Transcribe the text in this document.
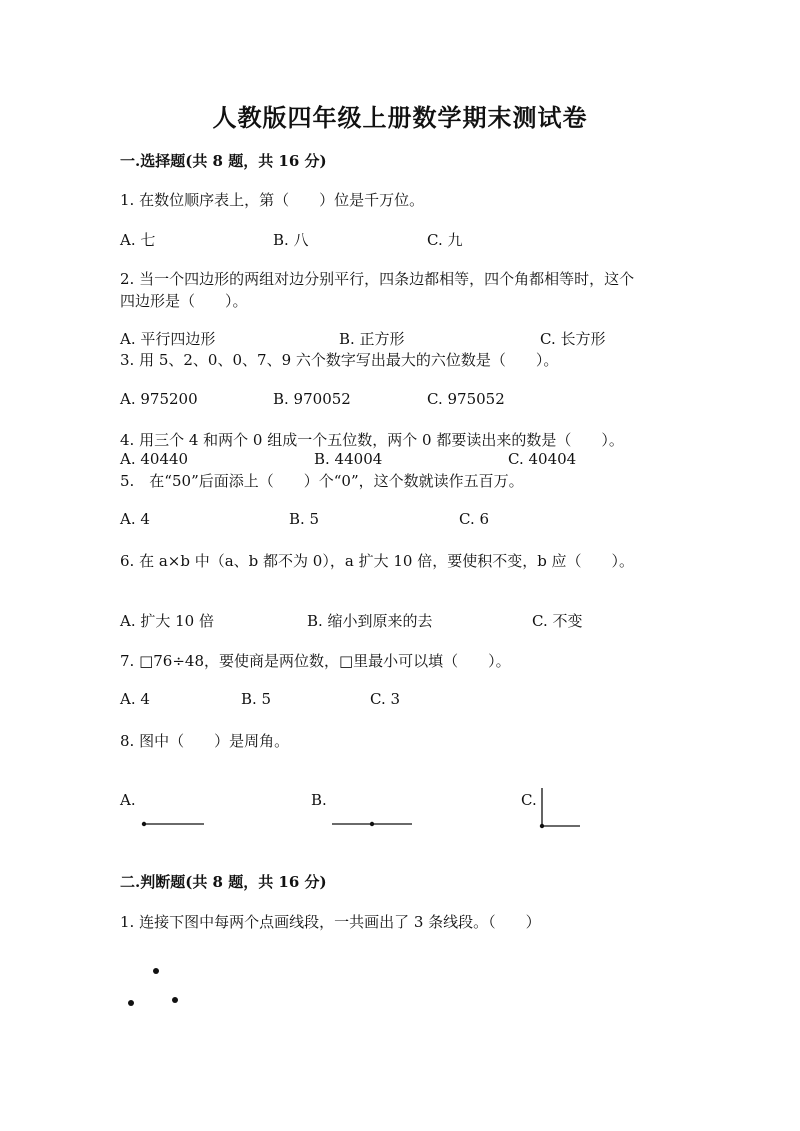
人教版四年级上册数学期末测试卷
一.选择题(共 8 题，共 16 分)
1. 在数位顺序表上，第（　　）位是千万位。
A. 七	B. 八	C. 九
2. 当一个四边形的两组对边分别平行，四条边都相等，四个角都相等时，这个
四边形是（　　）。
A. 平行四边形	B. 正方形	C. 长方形
3. 用 5、2、0、0、7、9 六个数字写出最大的六位数是（　　）。
A. 975200	B. 970052	C. 975052
4. 用三个 4 和两个 0 组成一个五位数，两个 0 都要读出来的数是（　　）。
A. 40440	B. 44004	C. 40404
5.　在“50”后面添上（　　）个“0”，这个数就读作五百万。
A. 4	B. 5	C. 6
6. 在 a×b 中（a、b 都不为 0），a 扩大 10 倍，要使积不变，b 应（　　）。
A. 扩大 10 倍	B. 缩小到原来的去	C. 不变
7. □76÷48，要使商是两位数，□里最小可以填（　　）。
A. 4	B. 5	C. 3
8. 图中（　　）是周角。
A.	B.	C.
二.判断题(共 8 题，共 16 分)
1. 连接下图中每两个点画线段，一共画出了 3 条线段。（　　）
